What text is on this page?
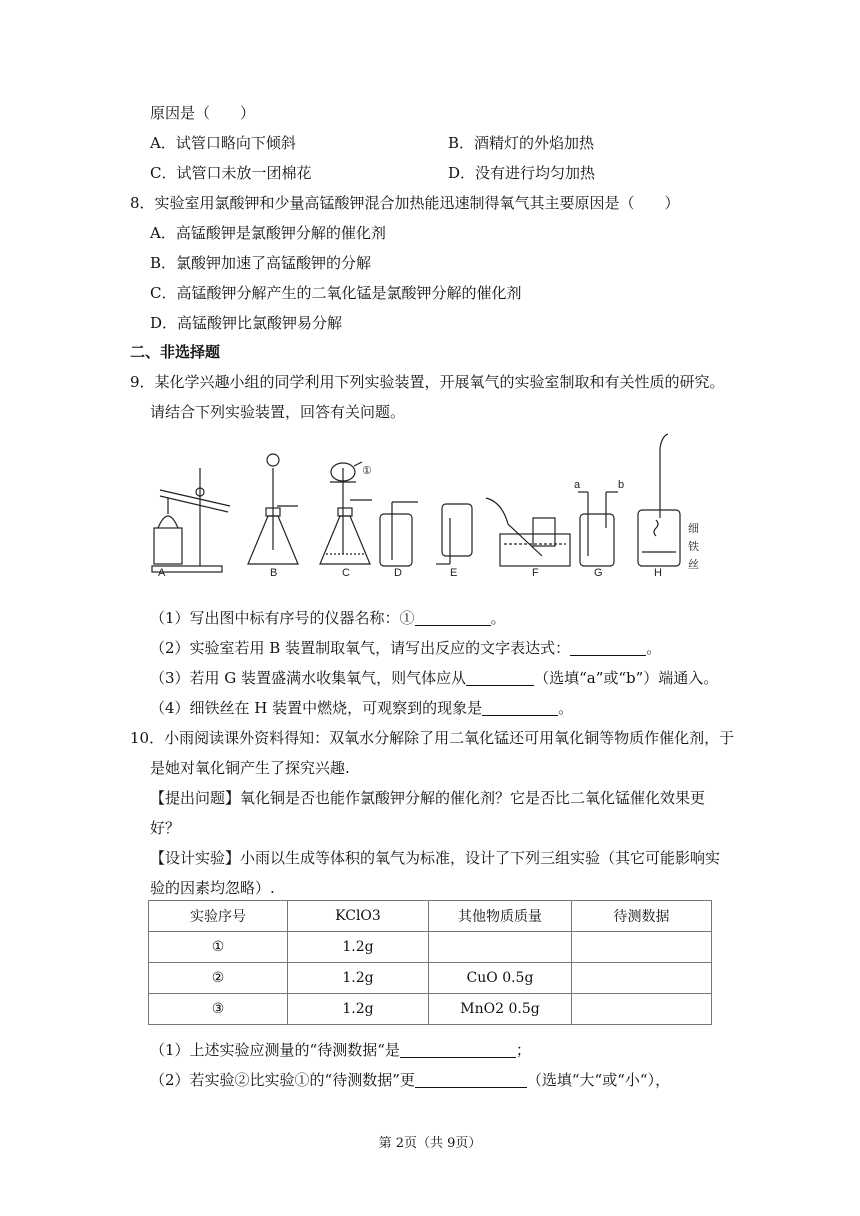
原因是（　　）
A．试管口略向下倾斜	B．酒精灯的外焰加热
C．试管口未放一团棉花	D．没有进行均匀加热
8．实验室用氯酸钾和少量高锰酸钾混合加热能迅速制得氧气其主要原因是（　　）
A．高锰酸钾是氯酸钾分解的催化剂
B．氯酸钾加速了高锰酸钾的分解
C．高锰酸钾分解产生的二氧化锰是氯酸钾分解的催化剂
D．高锰酸钾比氯酸钾易分解
二、非选择题
9．某化学兴趣小组的同学利用下列实验装置，开展氧气的实验室制取和有关性质的研究。
请结合下列实验装置，回答有关问题。
A	B	C	D	E	F	G	H
①
a	b
细
铁
丝
（1）写出图中标有序号的仪器名称：①	。
（2）实验室若用 B 装置制取氧气，请写出反应的文字表达式：	。
（3）若用 G 装置盛满水收集氧气，则气体应从	（选填“a”或“b”）端通入。
（4）细铁丝在 H 装置中燃烧，可观察到的现象是	。
10．小雨阅读课外资料得知：双氧水分解除了用二氧化锰还可用氧化铜等物质作催化剂，于
是她对氧化铜产生了探究兴趣.
【提出问题】氧化铜是否也能作氯酸钾分解的催化剂？它是否比二氧化锰催化效果更
好？
【设计实验】小雨以生成等体积的氧气为标准，设计了下列三组实验（其它可能影响实
验的因素均忽略）.
实验序号	KClO3	其他物质质量	待测数据
①	1.2g		
②	1.2g	CuO 0.5g	
③	1.2g	MnO2 0.5g	
（1）上述实验应测量的“待测数据“是	；
（2）若实验②比实验①的“待测数据”更	（选填“大“或“小“），
第 2页（共 9页）
